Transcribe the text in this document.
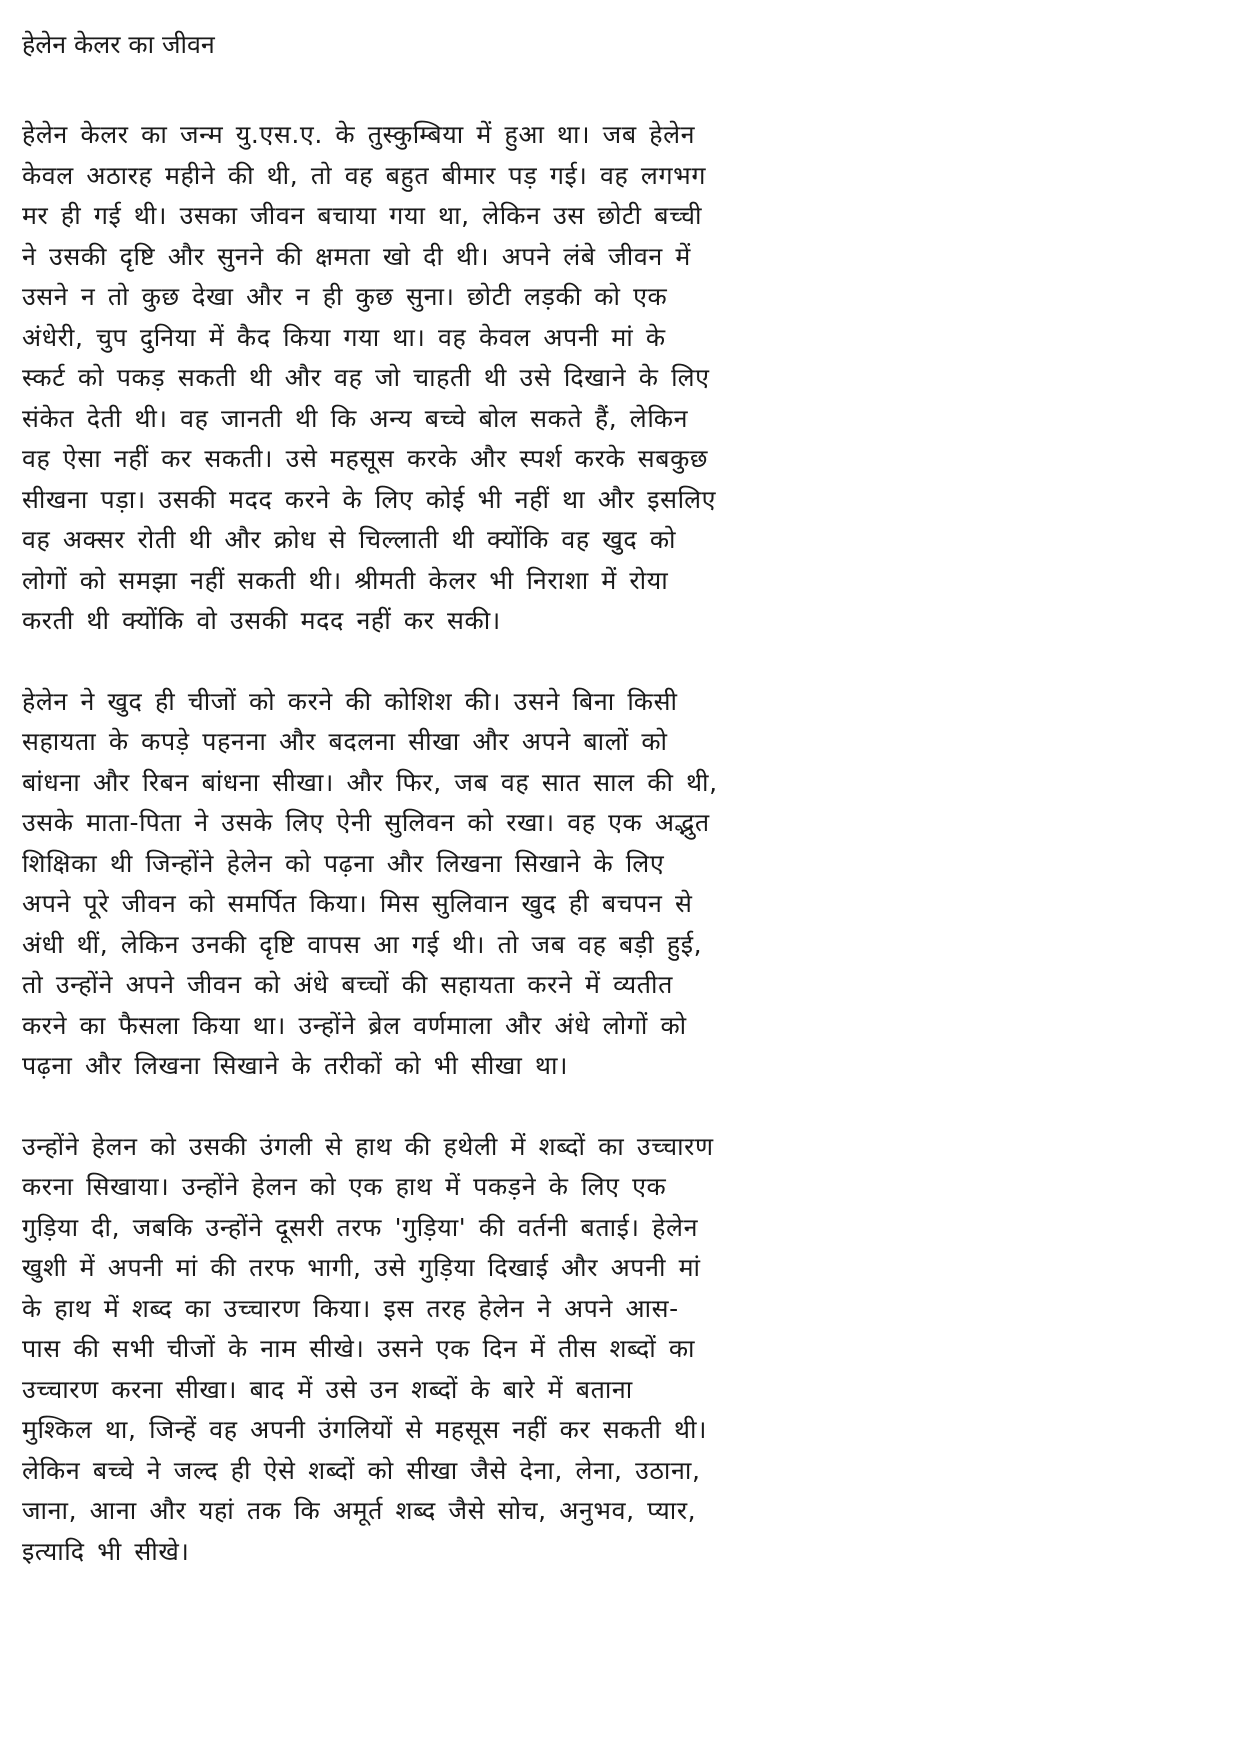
हेलेन केलर का जीवन
हेलेन केलर का जन्म यु.एस.ए. के तुस्कुम्बिया में हुआ था। जब हेलेन
केवल अठारह महीने की थी, तो वह बहुत बीमार पड़ गई। वह लगभग
मर ही गई थी। उसका जीवन बचाया गया था, लेकिन उस छोटी बच्ची
ने उसकी दृष्टि और सुनने की क्षमता खो दी थी। अपने लंबे जीवन में
उसने न तो कुछ देखा और न ही कुछ सुना। छोटी लड़की को एक
अंधेरी, चुप दुनिया में कैद किया गया था। वह केवल अपनी मां के
स्कर्ट को पकड़ सकती थी और वह जो चाहती थी उसे दिखाने के लिए
संकेत देती थी। वह जानती थी कि अन्य बच्चे बोल सकते हैं, लेकिन
वह ऐसा नहीं कर सकती। उसे महसूस करके और स्पर्श करके सबकुछ
सीखना पड़ा। उसकी मदद करने के लिए कोई भी नहीं था और इसलिए
वह अक्सर रोती थी और क्रोध से चिल्लाती थी क्योंकि वह खुद को
लोगों को समझा नहीं सकती थी। श्रीमती केलर भी निराशा में रोया
करती थी क्योंकि वो उसकी मदद नहीं कर सकी।
हेलेन ने खुद ही चीजों को करने की कोशिश की। उसने बिना किसी
सहायता के कपड़े पहनना और बदलना सीखा और अपने बालों को
बांधना और रिबन बांधना सीखा। और फिर, जब वह सात साल की थी,
उसके माता-पिता ने उसके लिए ऐनी सुलिवन को रखा। वह एक अद्भुत
शिक्षिका थी जिन्होंने हेलेन को पढ़ना और लिखना सिखाने के लिए
अपने पूरे जीवन को समर्पित किया। मिस सुलिवान खुद ही बचपन से
अंधी थीं, लेकिन उनकी दृष्टि वापस आ गई थी। तो जब वह बड़ी हुई,
तो उन्होंने अपने जीवन को अंधे बच्चों की सहायता करने में व्यतीत
करने का फैसला किया था। उन्होंने ब्रेल वर्णमाला और अंधे लोगों को
पढ़ना और लिखना सिखाने के तरीकों को भी सीखा था।
उन्होंने हेलन को उसकी उंगली से हाथ की हथेली में शब्दों का उच्चारण
करना सिखाया। उन्होंने हेलन को एक हाथ में पकड़ने के लिए एक
गुड़िया दी, जबकि उन्होंने दूसरी तरफ 'गुड़िया' की वर्तनी बताई। हेलेन
खुशी में अपनी मां की तरफ भागी, उसे गुड़िया दिखाई और अपनी मां
के हाथ में शब्द का उच्चारण किया। इस तरह हेलेन ने अपने आस-
पास की सभी चीजों के नाम सीखे। उसने एक दिन में तीस शब्दों का
उच्चारण करना सीखा। बाद में उसे उन शब्दों के बारे में बताना
मुश्किल था, जिन्हें वह अपनी उंगलियों से महसूस नहीं कर सकती थी।
लेकिन बच्चे ने जल्द ही ऐसे शब्दों को सीखा जैसे देना, लेना, उठाना,
जाना, आना और यहां तक कि अमूर्त शब्द जैसे सोच, अनुभव, प्यार,
इत्यादि भी सीखे।
